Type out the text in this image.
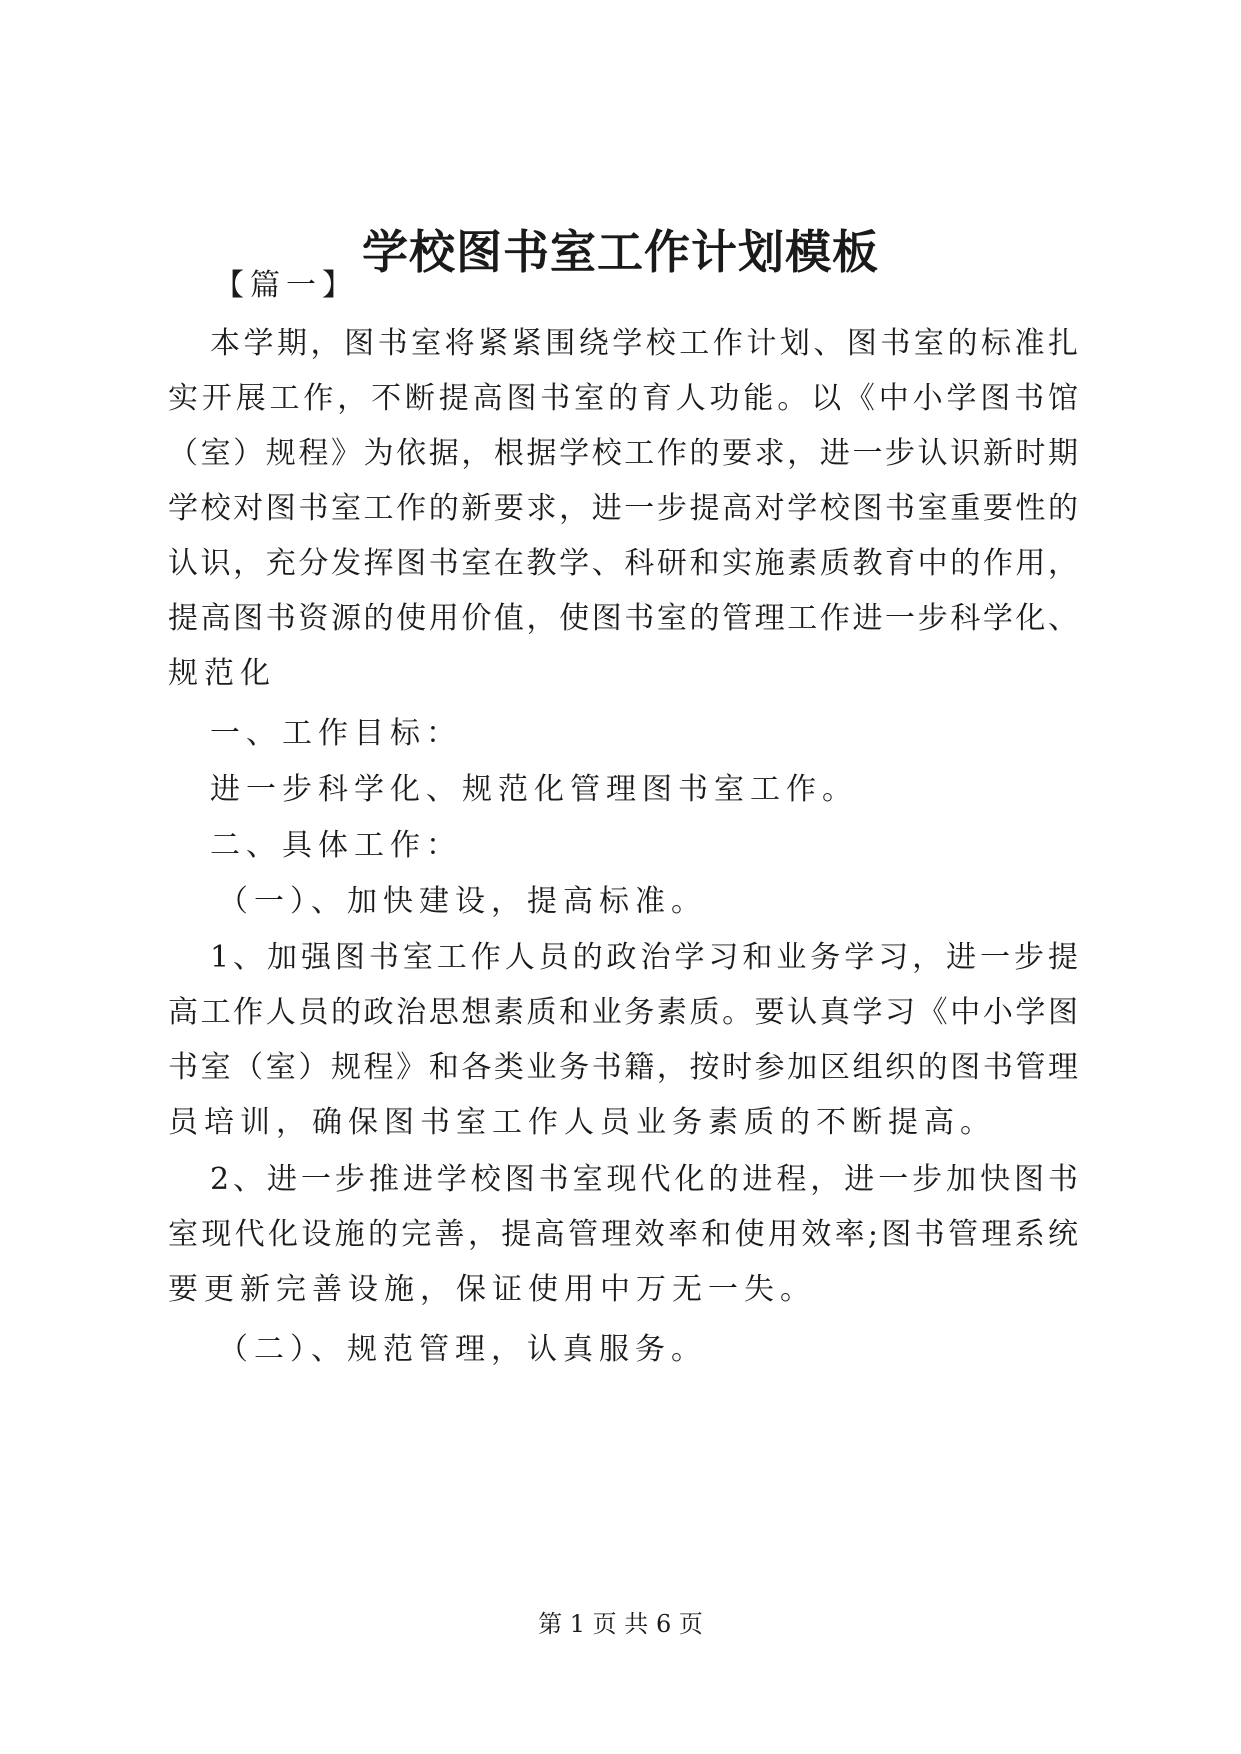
学校图书室工作计划模板
【篇一】
本学期，图书室将紧紧围绕学校工作计划、图书室的标准扎
实开展工作，不断提高图书室的育人功能。以《中小学图书馆
（室）规程》为依据，根据学校工作的要求，进一步认识新时期
学校对图书室工作的新要求，进一步提高对学校图书室重要性的
认识，充分发挥图书室在教学、科研和实施素质教育中的作用，
提高图书资源的使用价值，使图书室的管理工作进一步科学化、
规范化
一、工作目标：
进一步科学化、规范化管理图书室工作。
二、具体工作：
（一）、加快建设，提高标准。
1、加强图书室工作人员的政治学习和业务学习，进一步提
高工作人员的政治思想素质和业务素质。要认真学习《中小学图
书室（室）规程》和各类业务书籍，按时参加区组织的图书管理
员培训，确保图书室工作人员业务素质的不断提高。
2、进一步推进学校图书室现代化的进程，进一步加快图书
室现代化设施的完善，提高管理效率和使用效率;图书管理系统
要更新完善设施，保证使用中万无一失。
（二）、规范管理，认真服务。
第 1 页 共 6 页
